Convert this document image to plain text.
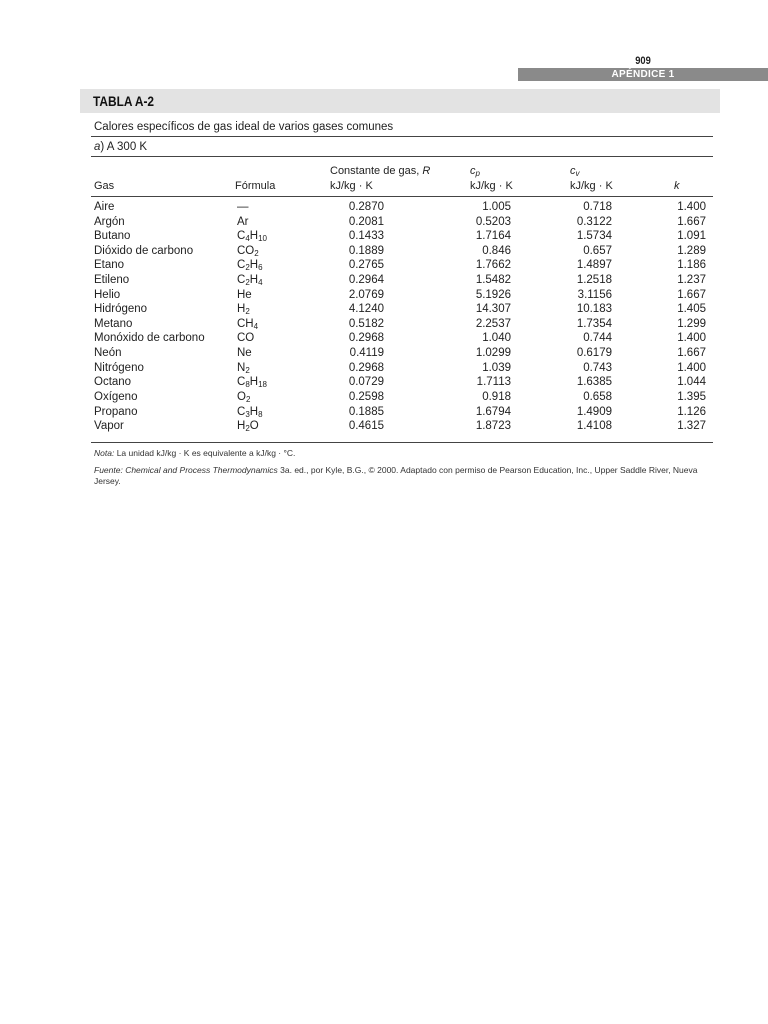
909
APÉNDICE 1
TABLA A-2
Calores específicos de gas ideal de varios gases comunes
a) A 300 K
Gas	Fórmula
Constante de gas, R
kJ/kg · K
$c_p$
kJ/kg · K
$c_v$
kJ/kg · K	k
Aire
Argón
Butano
Dióxido de carbono
Etano
Etileno
Helio
Hidrógeno
Metano
Monóxido de carbono
Neón
Nitrógeno
Octano
Oxígeno
Propano
Vapor
—
Ar
$C_4H_{10}$
$CO_2$
$C_2H_6$
$C_2H_4$
He
$H_2$
$CH_4$
CO
Ne
$N_2$
$C_8H_{18}$
$O_2$
$C_3H_8$
$H_2O$
0.2870
0.2081
0.1433
0.1889
0.2765
0.2964
2.0769
4.1240
0.5182
0.2968
0.4119
0.2968
0.0729
0.2598
0.1885
0.4615
1.005
0.5203
1.7164
0.846
1.7662
1.5482
5.1926
14.307
2.2537
1.040
1.0299
1.039
1.7113
0.918
1.6794
1.8723
0.718
0.3122
1.5734
0.657
1.4897
1.2518
3.1156
10.183
1.7354
0.744
0.6179
0.743
1.6385
0.658
1.4909
1.4108
1.400
1.667
1.091
1.289
1.186
1.237
1.667
1.405
1.299
1.400
1.667
1.400
1.044
1.395
1.126
1.327
Nota: La unidad kJ/kg · K es equivalente a kJ/kg · °C.
Fuente: Chemical and Process Thermodynamics 3a. ed., por Kyle, B.G., © 2000. Adaptado con permiso de Pearson Education, Inc., Upper Saddle River, Nueva Jersey.
